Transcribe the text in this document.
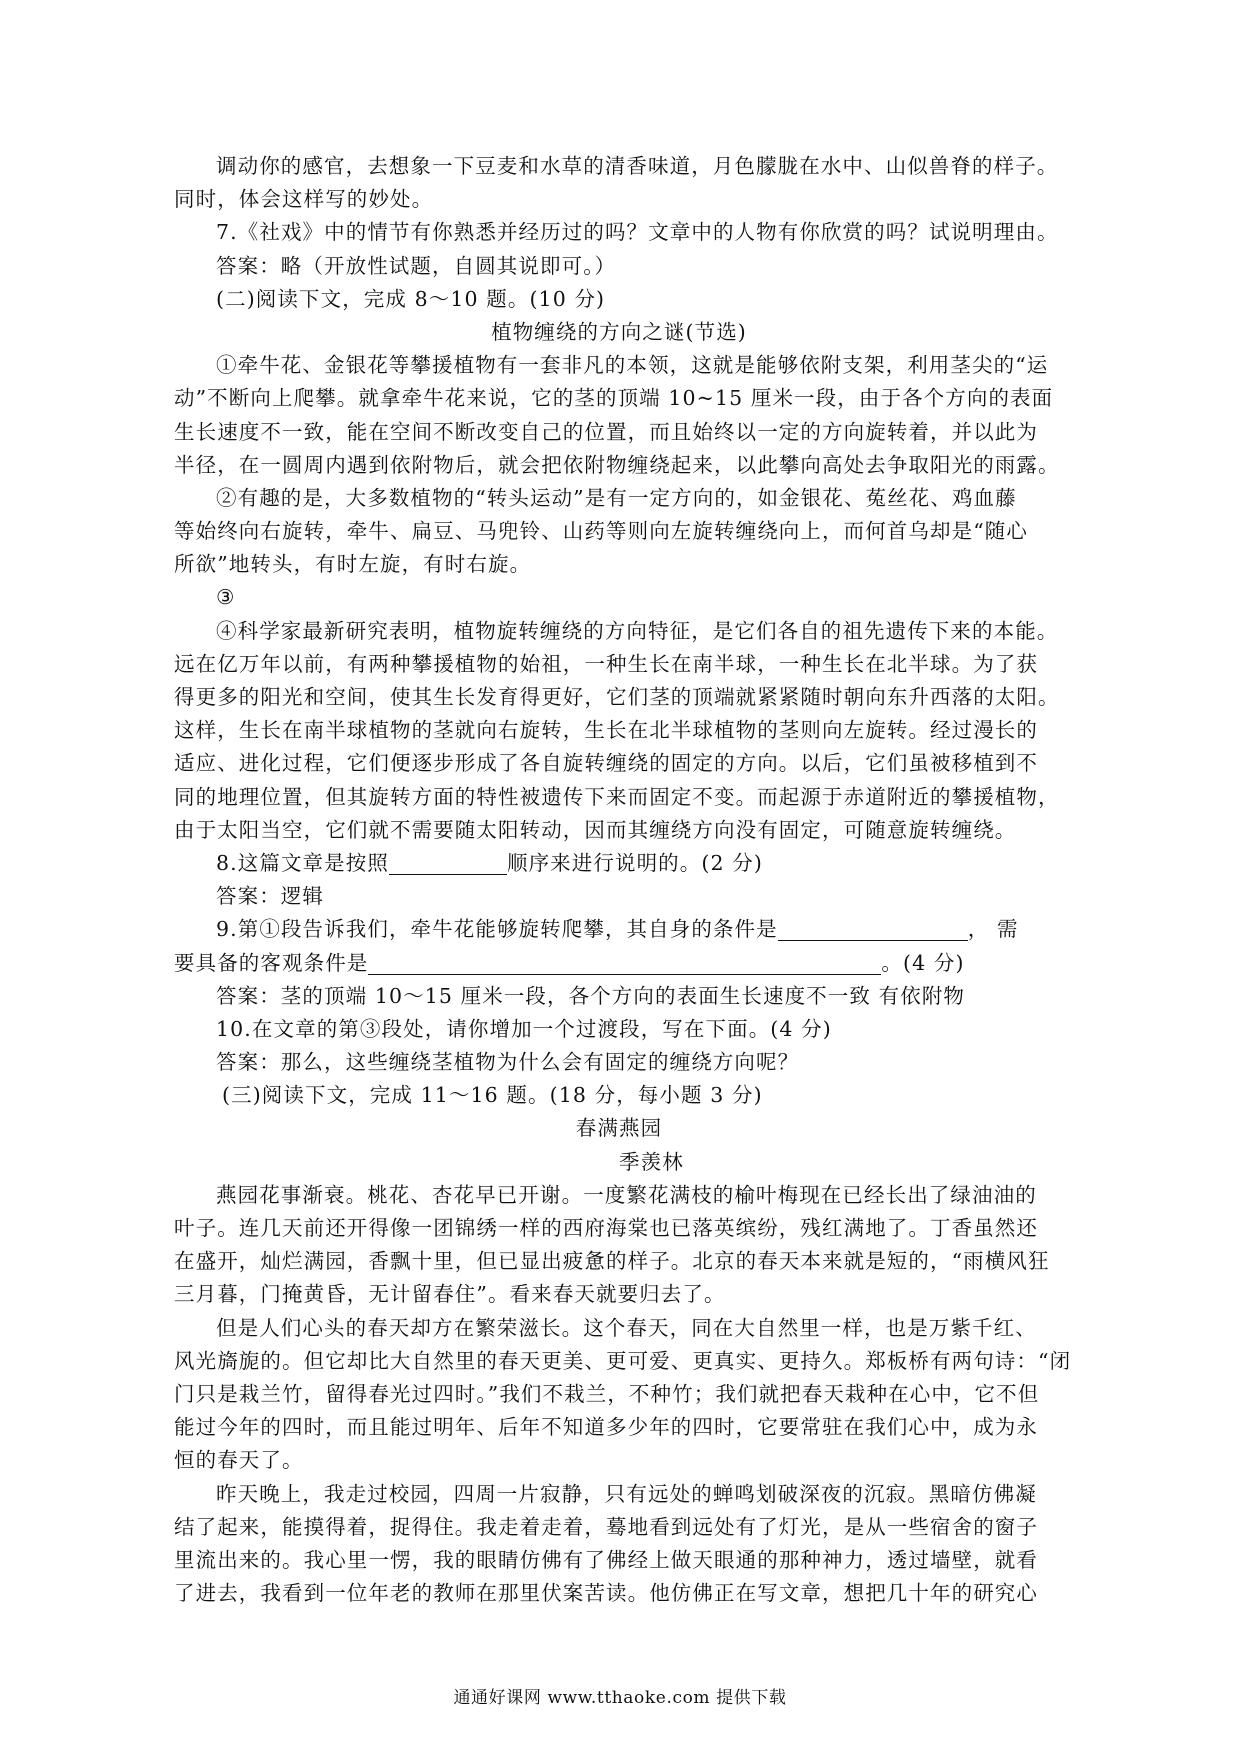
调动你的感官，去想象一下豆麦和水草的清香味道，月色朦胧在水中、山似兽脊的样子。
同时，体会这样写的妙处。
7.《社戏》中的情节有你熟悉并经历过的吗？文章中的人物有你欣赏的吗？试说明理由。
答案：略（开放性试题，自圆其说即可。）
(二)阅读下文，完成 8～10 题。(10 分)
植物缠绕的方向之谜(节选)
①牵牛花、金银花等攀援植物有一套非凡的本领，这就是能够依附支架，利用茎尖的“运
动”不断向上爬攀。就拿牵牛花来说，它的茎的顶端 10~15 厘米一段，由于各个方向的表面
生长速度不一致，能在空间不断改变自己的位置，而且始终以一定的方向旋转着，并以此为
半径，在一圆周内遇到依附物后，就会把依附物缠绕起来，以此攀向高处去争取阳光的雨露。
②有趣的是，大多数植物的“转头运动”是有一定方向的，如金银花、菟丝花、鸡血藤
等始终向右旋转，牵牛、扁豆、马兜铃、山药等则向左旋转缠绕向上，而何首乌却是“随心
所欲”地转头，有时左旋，有时右旋。
③
④科学家最新研究表明，植物旋转缠绕的方向特征，是它们各自的祖先遗传下来的本能。
远在亿万年以前，有两种攀援植物的始祖，一种生长在南半球，一种生长在北半球。为了获
得更多的阳光和空间，使其生长发育得更好，它们茎的顶端就紧紧随时朝向东升西落的太阳。
这样，生长在南半球植物的茎就向右旋转，生长在北半球植物的茎则向左旋转。经过漫长的
适应、进化过程，它们便逐步形成了各自旋转缠绕的固定的方向。以后，它们虽被移植到不
同的地理位置，但其旋转方面的特性被遗传下来而固定不变。而起源于赤道附近的攀援植物，
由于太阳当空，它们就不需要随太阳转动，因而其缠绕方向没有固定，可随意旋转缠绕。
8.这篇文章是按照	顺序来进行说明的。(2 分)
答案：逻辑
9.第①段告诉我们，牵牛花能够旋转爬攀，其自身的条件是	， 需
要具备的客观条件是	。(4 分)
答案：茎的顶端 10～15 厘米一段，各个方向的表面生长速度不一致 有依附物
10.在文章的第③段处，请你增加一个过渡段，写在下面。(4 分)
答案：那么，这些缠绕茎植物为什么会有固定的缠绕方向呢？
(三)阅读下文，完成 11～16 题。(18 分，每小题 3 分)
春满燕园
季羡林
燕园花事渐衰。桃花、杏花早已开谢。一度繁花满枝的榆叶梅现在已经长出了绿油油的
叶子。连几天前还开得像一团锦绣一样的西府海棠也已落英缤纷，残红满地了。丁香虽然还
在盛开，灿烂满园，香飘十里，但已显出疲惫的样子。北京的春天本来就是短的，“雨横风狂
三月暮，门掩黄昏，无计留春住”。看来春天就要归去了。
但是人们心头的春天却方在繁荣滋长。这个春天，同在大自然里一样，也是万紫千红、
风光旖旎的。但它却比大自然里的春天更美、更可爱、更真实、更持久。郑板桥有两句诗：“闭
门只是栽兰竹，留得春光过四时。”我们不栽兰，不种竹；我们就把春天栽种在心中，它不但
能过今年的四时，而且能过明年、后年不知道多少年的四时，它要常驻在我们心中，成为永
恒的春天了。
昨天晚上，我走过校园，四周一片寂静，只有远处的蝉鸣划破深夜的沉寂。黑暗仿佛凝
结了起来，能摸得着，捉得住。我走着走着，蓦地看到远处有了灯光，是从一些宿舍的窗子
里流出来的。我心里一愣，我的眼睛仿佛有了佛经上做天眼通的那种神力，透过墙壁，就看
了进去，我看到一位年老的教师在那里伏案苦读。他仿佛正在写文章，想把几十年的研究心
通通好课网 www.tthaoke.com 提供下载
